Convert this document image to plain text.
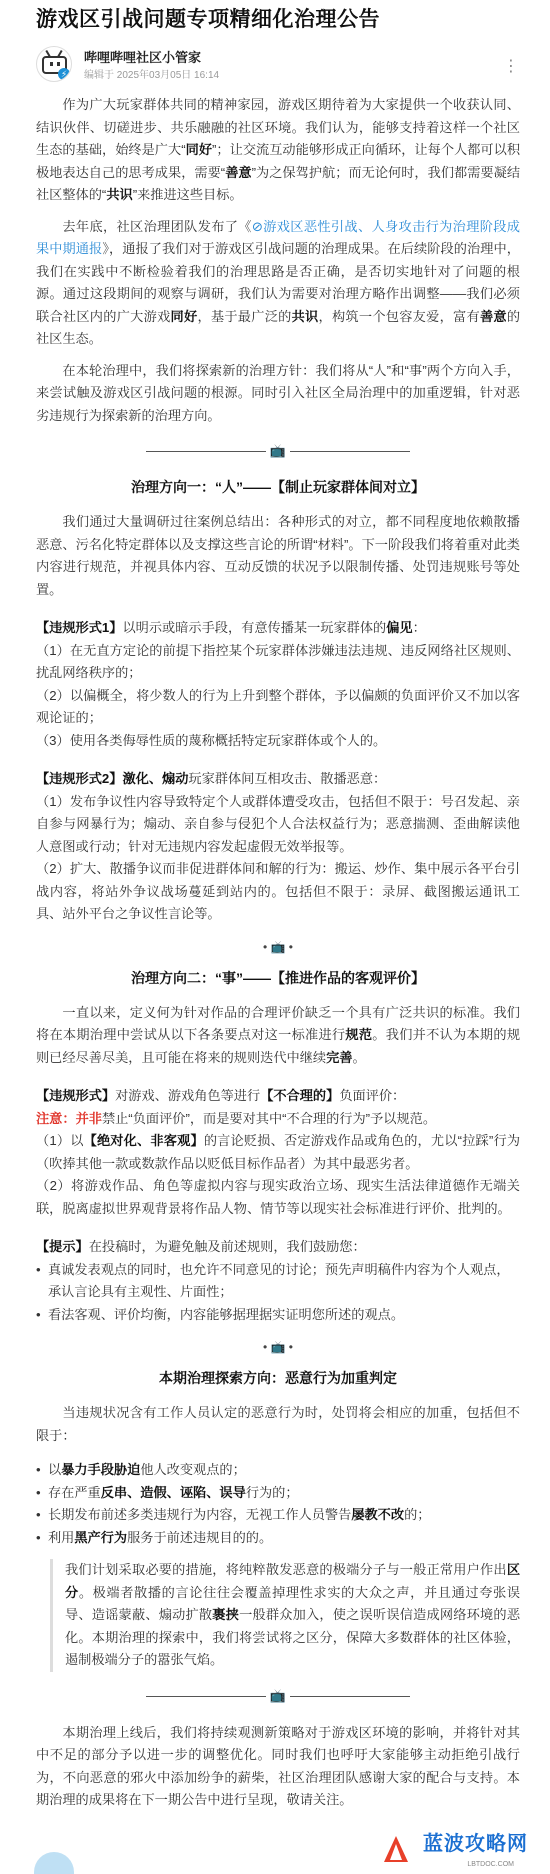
游戏区引战问题专项精细化治理公告
⚡
哔哩哔哩社区小管家
编辑于 2025年03月05日 16:14
⋮

作为广大玩家群体共同的精神家园，游戏区期待着为大家提供一个收获认同、结识伙伴、切磋进步、共乐融融的社区环境。我们认为，能够支持着这样一个社区生态的基础，始终是广大“同好”；让交流互动能够形成正向循环，让每个人都可以积极地表达自己的思考成果，需要“善意”为之保驾护航；而无论何时，我们都需要凝结社区整体的“共识”来推进这些目标。

去年底，社区治理团队发布了《⊘游戏区恶性引战、人身攻击行为治理阶段成果中期通报》，通报了我们对于游戏区引战问题的治理成果。在后续阶段的治理中，我们在实践中不断检验着我们的治理思路是否正确，是否切实地针对了问题的根源。通过这段期间的观察与调研，我们认为需要对治理方略作出调整——我们必须联合社区内的广大游戏同好，基于最广泛的共识，构筑一个包容友爱，富有善意的社区生态。

在本轮治理中，我们将探索新的治理方针：我们将从“人”和“事”两个方向入手，来尝试触及游戏区引战问题的根源。同时引入社区全局治理中的加重逻辑，针对恶劣违规行为探索新的治理方向。

📺
治理方向一：“人”——【制止玩家群体间对立】

我们通过大量调研过往案例总结出：各种形式的对立，都不同程度地依赖散播恶意、污名化特定群体以及支撑这些言论的所谓“材料”。下一阶段我们将着重对此类内容进行规范，并视具体内容、互动反馈的状况予以限制传播、处罚违规账号等处置。

【违规形式1】以明示或暗示手段，有意传播某一玩家群体的偏见：

（1）在无直方定论的前提下指控某个玩家群体涉嫌违法违规、违反网络社区规则、扰乱网络秩序的；

（2）以偏概全，将少数人的行为上升到整个群体，予以偏颇的负面评价又不加以客观论证的；

（3）使用各类侮辱性质的蔑称概括特定玩家群体或个人的。

【违规形式2】激化、煽动玩家群体间互相攻击、散播恶意：

（1）发布争议性内容导致特定个人或群体遭受攻击，包括但不限于：号召发起、亲自参与网暴行为；煽动、亲自参与侵犯个人合法权益行为；恶意揣测、歪曲解读他人意图或行动；针对无违规内容发起虚假无效举报等。

（2）扩大、散播争议而非促进群体间和解的行为：搬运、炒作、集中展示各平台引战内容，将站外争议战场蔓延到站内的。包括但不限于：录屏、截图搬运通讯工具、站外平台之争议性言论等。

• 📺 •
治理方向二：“事”——【推进作品的客观评价】

一直以来，定义何为针对作品的合理评价缺乏一个具有广泛共识的标准。我们将在本期治理中尝试从以下各条要点对这一标准进行规范。我们并不认为本期的规则已经尽善尽美，且可能在将来的规则迭代中继续完善。

【违规形式】对游戏、游戏角色等进行【不合理的】负面评价：

注意：并非禁止“负面评价”，而是要对其中“不合理的行为”予以规范。

（1）以【绝对化、非客观】的言论贬损、否定游戏作品或角色的，尤以“拉踩”行为（吹捧其他一款或数款作品以贬低目标作品者）为其中最恶劣者。

（2）将游戏作品、角色等虚拟内容与现实政治立场、现实生活法律道德作无端关联，脱离虚拟世界观背景将作品人物、情节等以现实社会标准进行评价、批判的。

【提示】在投稿时，为避免触及前述规则，我们鼓励您：

• 真诚发表观点的同时，也允许不同意见的讨论；预先声明稿件内容为个人观点，承认言论具有主观性、片面性；
• 看法客观、评价均衡，内容能够据理据实证明您所述的观点。
• 📺 •
本期治理探索方向：恶意行为加重判定

当违规状况含有工作人员认定的恶意行为时，处罚将会相应的加重，包括但不限于：

• 以暴力手段胁迫他人改变观点的；
• 存在严重反串、造假、诬陷、误导行为的；
• 长期发布前述多类违规行为内容，无视工作人员警告屡教不改的；
• 利用黑产行为服务于前述违规目的的。

我们计划采取必要的措施，将纯粹散发恶意的极端分子与一般正常用户作出区分。极端者散播的言论往往会覆盖掉理性求实的大众之声，并且通过夸张误导、造谣蒙蔽、煽动扩散裹挟一般群众加入，使之误听误信造成网络环境的恶化。本期治理的探索中，我们将尝试将之区分，保障大多数群体的社区体验，遏制极端分子的嚣张气焰。

📺

本期治理上线后，我们将持续观测新策略对于游戏区环境的影响，并将针对其中不足的部分予以进一步的调整优化。同时我们也呼吁大家能够主动拒绝引战行为，不向恶意的邪火中添加纷争的薪柴，社区治理团队感谢大家的配合与支持。本期治理的成果将在下一期公告中进行呈现，敬请关注。

蓝波攻略网
LBTDOC.COM
